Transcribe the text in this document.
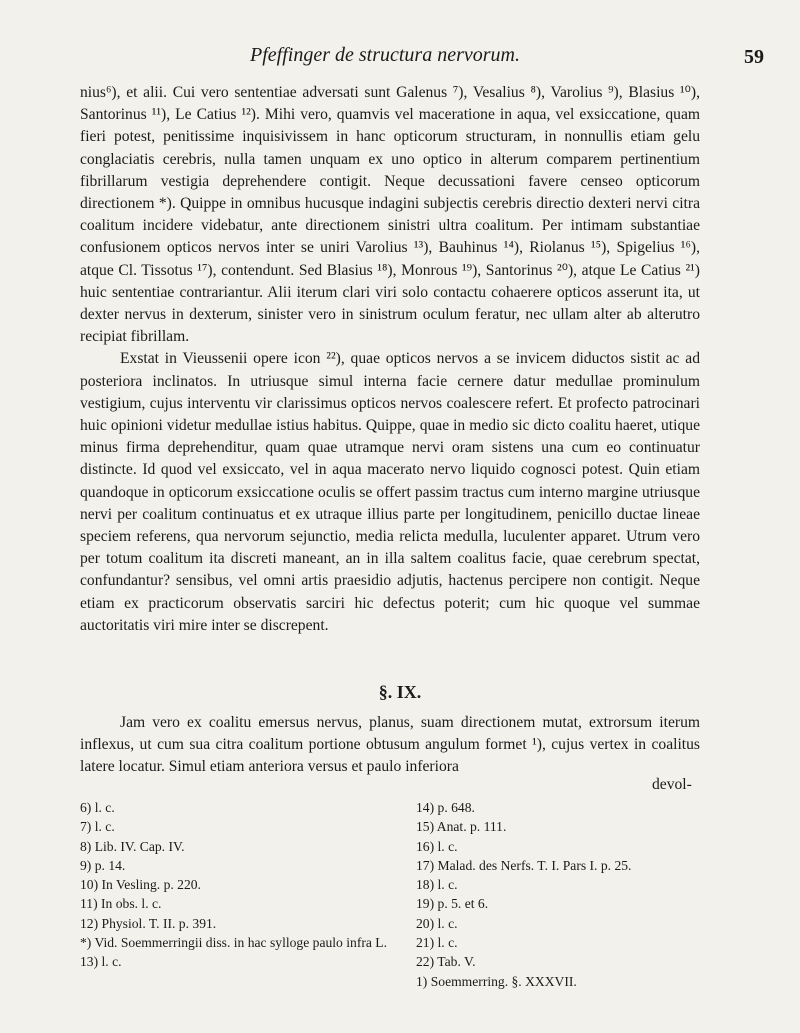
Pfeffinger de structura nervorum.	59

nius⁶), et alii. Cui vero sententiae adversati sunt Galenus ⁷), Vesalius ⁸), Varolius ⁹), Blasius ¹⁰), Santorinus ¹¹), Le Catius ¹²). Mihi vero, quamvis vel maceratione in aqua, vel exsiccatione, quam fieri potest, penitissime inquisivissem in hanc opticorum structuram, in nonnullis etiam gelu conglaciatis cerebris, nulla tamen unquam ex uno optico in alterum comparem pertinentium fibrillarum vestigia deprehendere contigit. Neque decussationi favere censeo opticorum directionem *). Quippe in omnibus hucusque indagini subjectis cerebris directio dexteri nervi citra coalitum incidere videbatur, ante directionem sinistri ultra coalitum. Per intimam substantiae confusionem opticos nervos inter se uniri Varolius ¹³), Bauhinus ¹⁴), Riolanus ¹⁵), Spigelius ¹⁶), atque Cl. Tissotus ¹⁷), contendunt. Sed Blasius ¹⁸), Monrous ¹⁹), Santorinus ²⁰), atque Le Catius ²¹) huic sententiae contrariantur. Alii iterum clari viri solo contactu cohaerere opticos asserunt ita, ut dexter nervus in dexterum, sinister vero in sinistrum oculum feratur, nec ullam alter ab alterutro recipiat fibrillam.

Exstat in Vieussenii opere icon ²²), quae opticos nervos a se invicem diductos sistit ac ad posteriora inclinatos. In utriusque simul interna facie cernere datur medullae prominulum vestigium, cujus interventu vir clarissimus opticos nervos coalescere refert. Et profecto patrocinari huic opinioni videtur medullae istius habitus. Quippe, quae in medio sic dicto coalitu haeret, utique minus firma deprehenditur, quam quae utramque nervi oram sistens una cum eo continuatur distincte. Id quod vel exsiccato, vel in aqua macerato nervo liquido cognosci potest. Quin etiam quandoque in opticorum exsiccatione oculis se offert passim tractus cum interno margine utriusque nervi per coalitum continuatus et ex utraque illius parte per longitudinem, penicillo ductae lineae speciem referens, qua nervorum sejunctio, media relicta medulla, luculenter apparet. Utrum vero per totum coalitum ita discreti maneant, an in illa saltem coalitus facie, quae cerebrum spectat, confundantur? sensibus, vel omni artis praesidio adjutis, hactenus percipere non contigit. Neque etiam ex practicorum observatis sarciri hic defectus poterit; cum hic quoque vel summae auctoritatis viri mire inter se discrepent.

§. IX.

Jam vero ex coalitu emersus nervus, planus, suam directionem mutat, extrorsum iterum inflexus, ut cum sua citra coalitum portione obtusum angulum formet ¹), cujus vertex in coalitus latere locatur. Simul etiam anteriora versus et paulo inferiora

devol-
6) l. c.
7) l. c.
8) Lib. IV. Cap. IV.
9) p. 14.
10) In Vesling. p. 220.
11) In obs. l. c.
12) Physiol. T. II. p. 391.
*) Vid. Soemmerringii diss. in hac sylloge paulo infra L.
13) l. c.
14) p. 648.
15) Anat. p. 111.
16) l. c.
17) Malad. des Nerfs. T. I. Pars I. p. 25.
18) l. c.
19) p. 5. et 6.
20) l. c.
21) l. c.
22) Tab. V.
1) Soemmerring. §. XXXVII.
